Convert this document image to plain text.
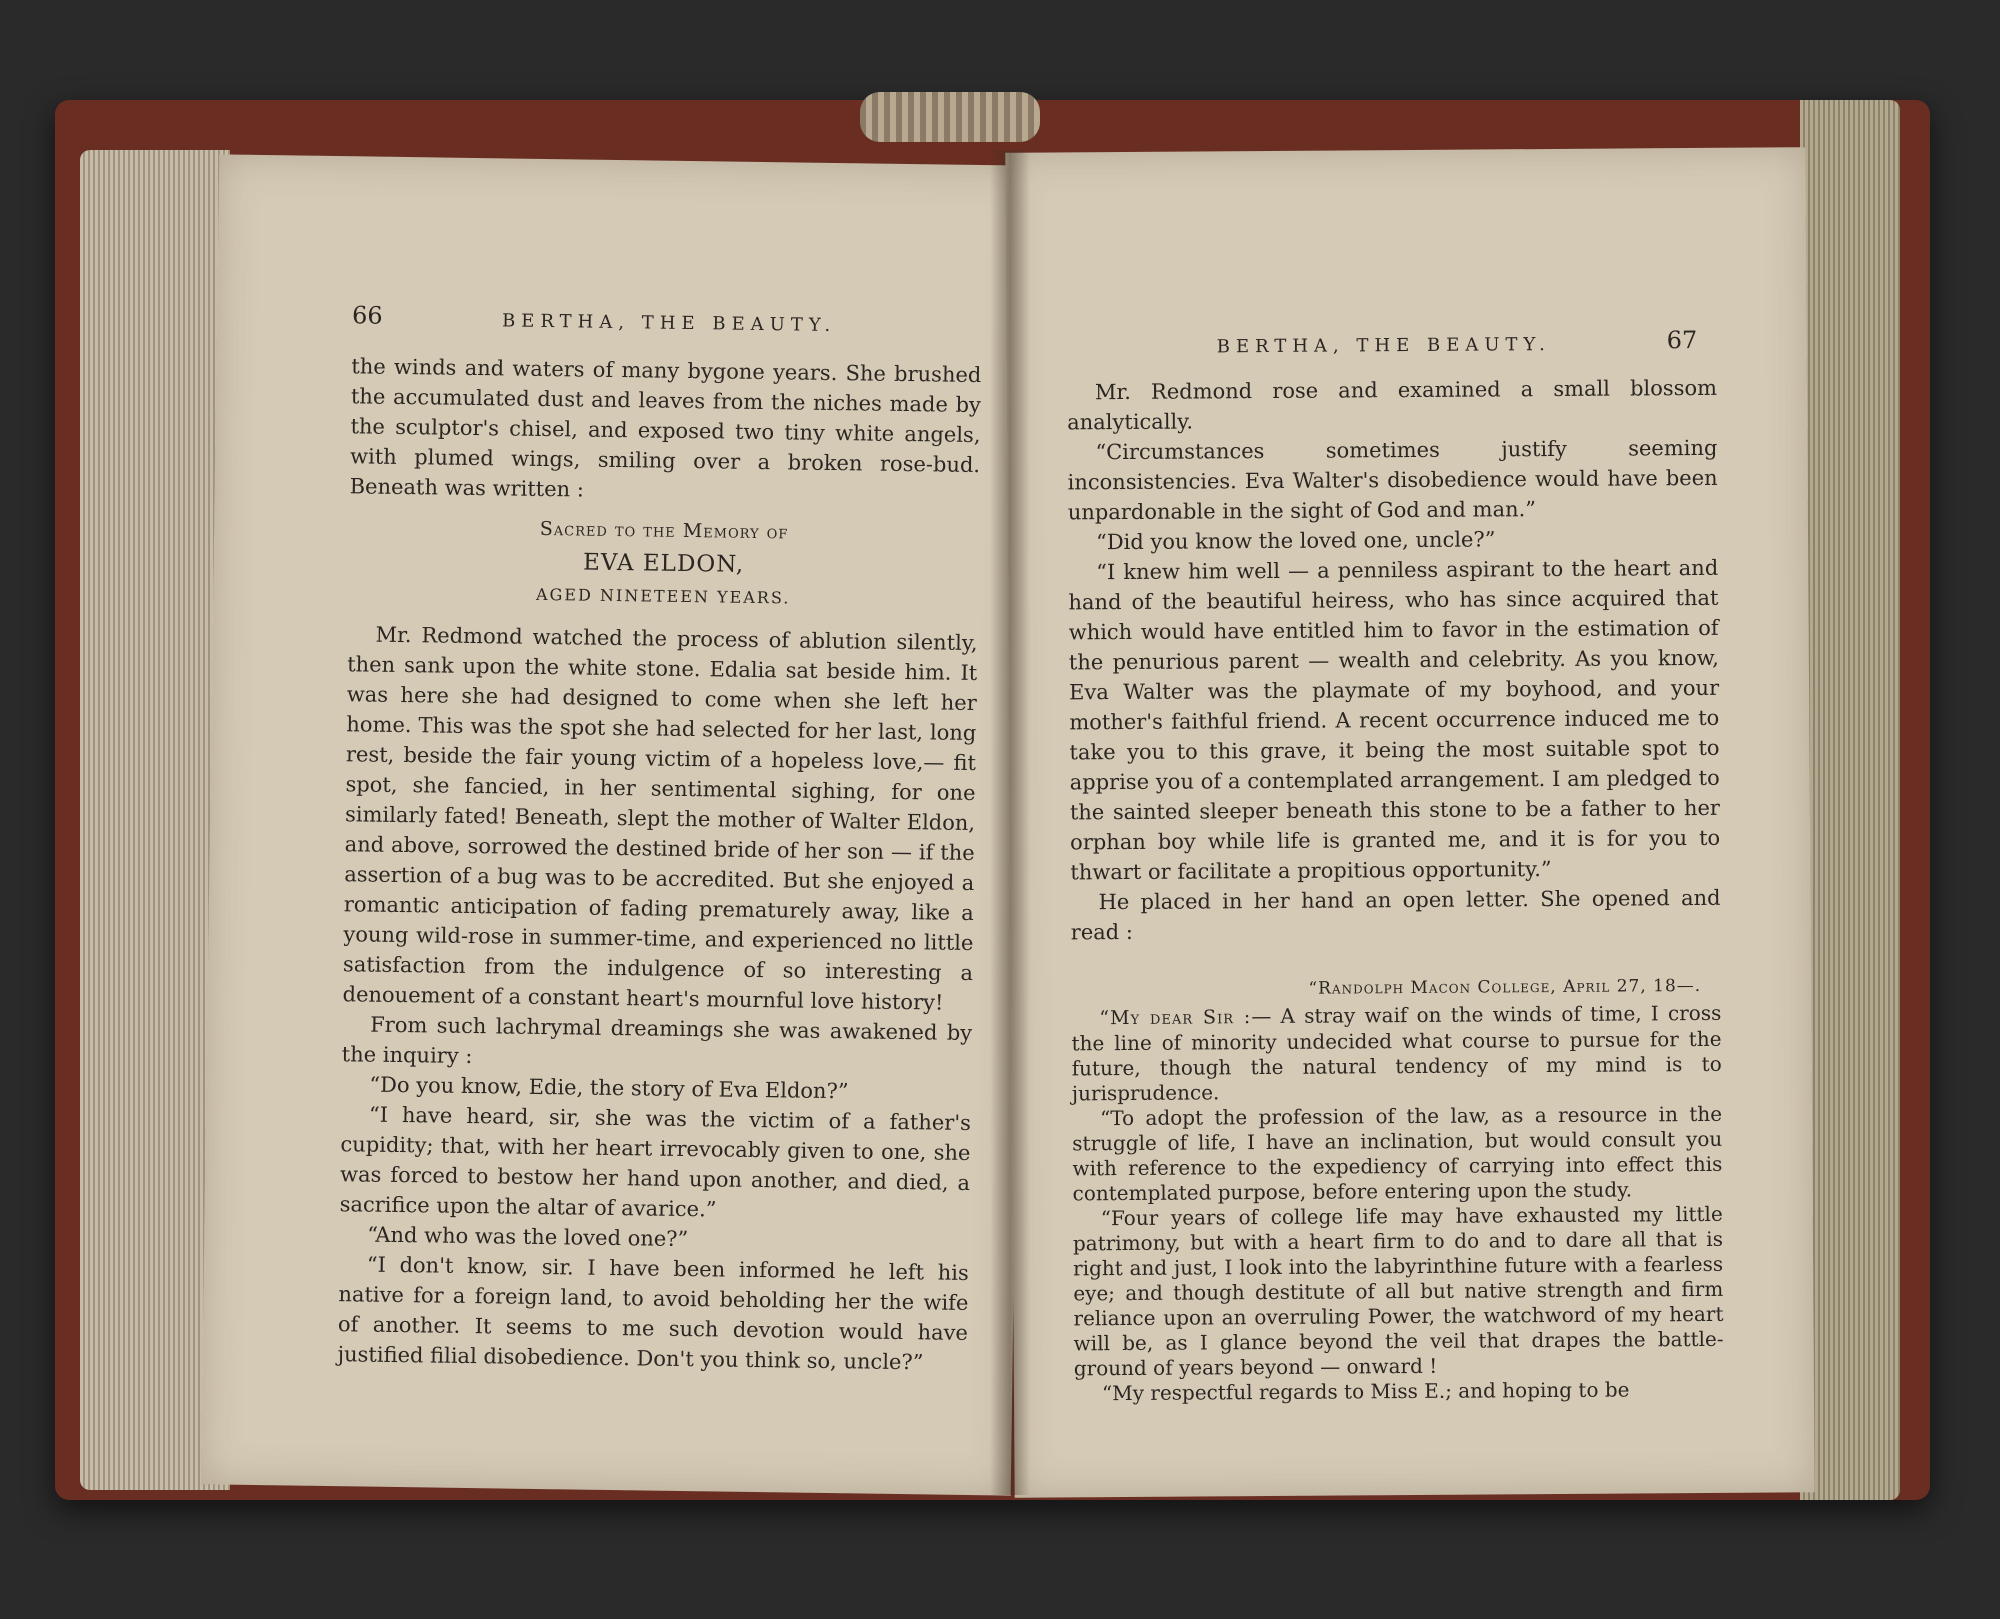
66	BERTHA, THE BEAUTY.

the winds and waters of many bygone years. She brushed the accumulated dust and leaves from the niches made by the sculptor's chisel, and exposed two tiny white angels, with plumed wings, smiling over a broken rose-bud. Beneath was written :

Sacred to the Memory of
EVA ELDON,
AGED NINETEEN YEARS.

Mr. Redmond watched the process of ablution silently, then sank upon the white stone. Edalia sat beside him. It was here she had designed to come when she left her home. This was the spot she had selected for her last, long rest, beside the fair young victim of a hopeless love,— fit spot, she fancied, in her sentimental sighing, for one similarly fated! Beneath, slept the mother of Walter Eldon, and above, sorrowed the destined bride of her son — if the assertion of a bug was to be accredited. But she enjoyed a romantic anticipation of fading prematurely away, like a young wild-rose in summer-time, and experienced no little satisfaction from the indulgence of so interesting a denouement of a constant heart's mournful love history!

From such lachrymal dreamings she was awakened by the inquiry :

“Do you know, Edie, the story of Eva Eldon?”

“I have heard, sir, she was the victim of a father's cupidity; that, with her heart irrevocably given to one, she was forced to bestow her hand upon another, and died, a sacrifice upon the altar of avarice.”

“And who was the loved one?”

“I don't know, sir. I have been informed he left his native for a foreign land, to avoid beholding her the wife of another. It seems to me such devotion would have justified filial disobedience. Don't you think so, uncle?”

BERTHA, THE BEAUTY.	67

Mr. Redmond rose and examined a small blossom analytically.

“Circumstances sometimes justify seeming inconsistencies. Eva Walter's disobedience would have been unpardonable in the sight of God and man.”

“Did you know the loved one, uncle?”

“I knew him well — a penniless aspirant to the heart and hand of the beautiful heiress, who has since acquired that which would have entitled him to favor in the estimation of the penurious parent — wealth and celebrity. As you know, Eva Walter was the playmate of my boyhood, and your mother's faithful friend. A recent occurrence induced me to take you to this grave, it being the most suitable spot to apprise you of a contemplated arrangement. I am pledged to the sainted sleeper beneath this stone to be a father to her orphan boy while life is granted me, and it is for you to thwart or facilitate a propitious opportunity.”

He placed in her hand an open letter. She opened and read :

“Randolph Macon College, April 27, 18—.

“My dear Sir :— A stray waif on the winds of time, I cross the line of minority undecided what course to pursue for the future, though the natural tendency of my mind is to jurisprudence.

“To adopt the profession of the law, as a resource in the struggle of life, I have an inclination, but would consult you with reference to the expediency of carrying into effect this contemplated purpose, before entering upon the study.

“Four years of college life may have exhausted my little patrimony, but with a heart firm to do and to dare all that is right and just, I look into the labyrinthine future with a fearless eye; and though destitute of all but native strength and firm reliance upon an overruling Power, the watchword of my heart will be, as I glance beyond the veil that drapes the battle-ground of years beyond — onward !

“My respectful regards to Miss E.; and hoping to be
